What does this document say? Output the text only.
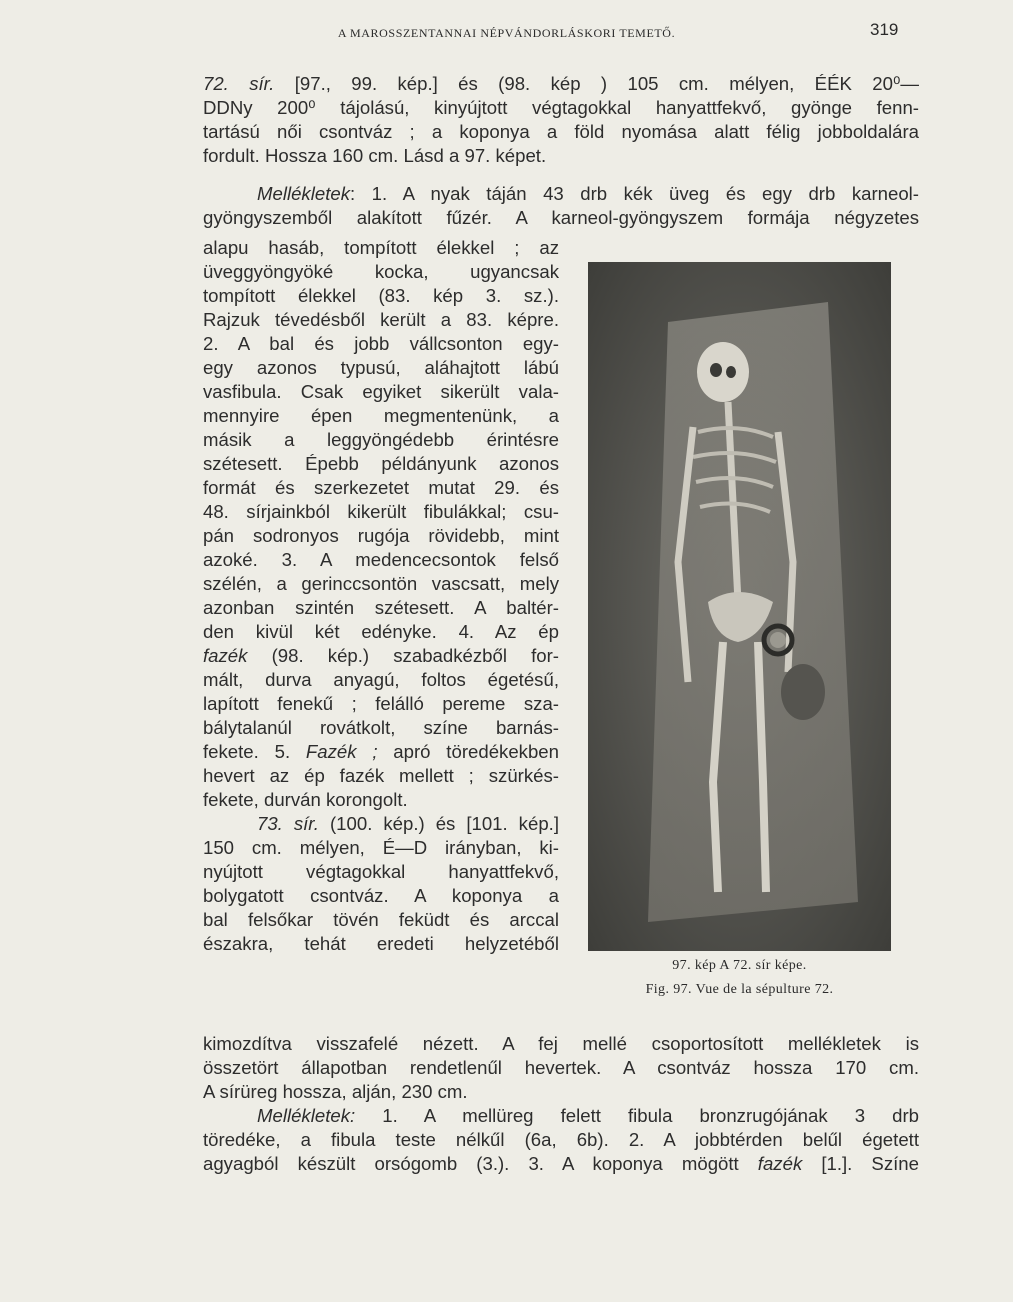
A MAROSSZENTANNAI NÉPVÁNDORLÁSKORI TEMETŐ.	319
72. sír. [97., 99. kép.] és (98. kép ) 105 cm. mélyen, ÉÉK 20⁰—
DDNy 200⁰ tájolású, kinyújtott végtagokkal hanyattfekvő, gyönge fenn-
tartású női csontváz ; a koponya a föld nyomása alatt félig jobboldalára
fordult. Hossza 160 cm. Lásd a 97. képet.
Mellékletek: 1. A nyak táján 43 drb kék üveg és egy drb karneol-
gyöngyszemből alakított fűzér. A karneol-gyöngyszem formája négyzetes
alapu hasáb, tompított élekkel ; az
üveggyöngyöké kocka, ugyancsak
tompított élekkel (83. kép 3. sz.).
Rajzuk tévedésből került a 83. képre.
2. A bal és jobb vállcsonton egy-
egy azonos typusú, aláhajtott lábú
vasfibula. Csak egyiket sikerült vala-
mennyire épen megmentenünk, a
másik a leggyöngédebb érintésre
szétesett. Épebb példányunk azonos
formát és szerkezetet mutat 29. és
48. sírjainkból kikerült fibulákkal; csu-
pán sodronyos rugója rövidebb, mint
azoké. 3. A medencecsontok felső
szélén, a gerinccsontön vascsatt, mely
azonban szintén szétesett. A baltér-
den kivül két edényke. 4. Az ép
fazék (98. kép.) szabadkézből for-
mált, durva anyagú, foltos égetésű,
lapított fenekű ; felálló pereme sza-
bálytalanúl rovátkolt, színe barnás-
fekete. 5. Fazék ; apró töredékekben
hevert az ép fazék mellett ; szürkés-
fekete, durván korongolt.
73. sír. (100. kép.) és [101. kép.]
150 cm. mélyen, É—D irányban, ki-
nyújtott végtagokkal hanyattfekvő,
bolygatott csontváz. A koponya a
bal felsőkar tövén feküdt és arccal
északra, tehát eredeti helyzetéből
kimozdítva visszafelé nézett. A fej mellé csoportosított mellékletek is
összetört állapotban rendetlenűl hevertek. A csontváz hossza 170 cm.
A sírüreg hossza, alján, 230 cm.
Mellékletek: 1. A mellüreg felett fibula bronzrugójának 3 drb
töredéke, a fibula teste nélkűl (6a, 6b). 2. A jobbtérden belűl égetett
agyagból készült orsógomb (3.). 3. A koponya mögött fazék [1.]. Színe
97. kép A 72. sír képe.
Fig. 97. Vue de la sépulture 72.
